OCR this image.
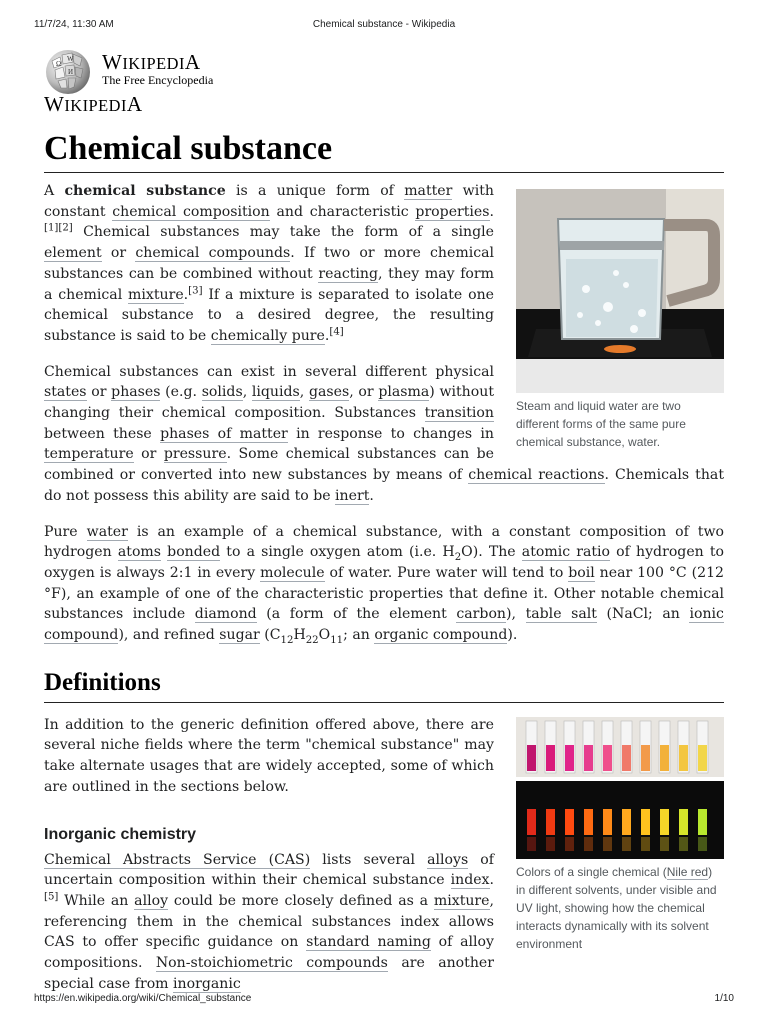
11/7/24, 11:30 AM	Chemical substance - Wikipedia
Ω
W
И WIKIPEDIA
The Free Encyclopedia
WIKIPEDIA
Chemical substance
Steam and liquid water are two different forms of the same pure chemical substance, water.

A chemical substance is a unique form of matter with constant chemical composition and characteristic properties.[1][2] Chemical substances may take the form of a single element or chemical compounds. If two or more chemical substances can be combined without reacting, they may form a chemical mixture.[3] If a mixture is separated to isolate one chemical substance to a desired degree, the resulting substance is said to be chemically pure.[4]

Chemical substances can exist in several different physical states or phases (e.g. solids, liquids, gases, or plasma) without changing their chemical composition. Substances transition between these phases of matter in response to changes in temperature or pressure. Some chemical substances can be combined or converted into new substances by means of chemical reactions. Chemicals that do not possess this ability are said to be inert.

Pure water is an example of a chemical substance, with a constant composition of two hydrogen atoms bonded to a single oxygen atom (i.e. $H_2O$). The atomic ratio of hydrogen to oxygen is always 2:1 in every molecule of water. Pure water will tend to boil near 100 °C (212 °F), an example of one of the characteristic properties that define it. Other notable chemical substances include diamond (a form of the element carbon), table salt (NaCl; an ionic compound), and refined sugar ($C_{12}H_{22}O_{11}$; an organic compound).

Definitions
Colors of a single chemical (Nile red) in different solvents, under visible and UV light, showing how the chemical interacts dynamically with its solvent environment

In addition to the generic definition offered above, there are several niche fields where the term "chemical substance" may take alternate usages that are widely accepted, some of which are outlined in the sections below.

Inorganic chemistry

Chemical Abstracts Service (CAS) lists several alloys of uncertain composition within their chemical substance index.[5] While an alloy could be more closely defined as a mixture, referencing them in the chemical substances index allows CAS to offer specific guidance on standard naming of alloy compositions. Non-stoichiometric compounds are another special case from inorganic

https://en.wikipedia.org/wiki/Chemical_substance	1/10
